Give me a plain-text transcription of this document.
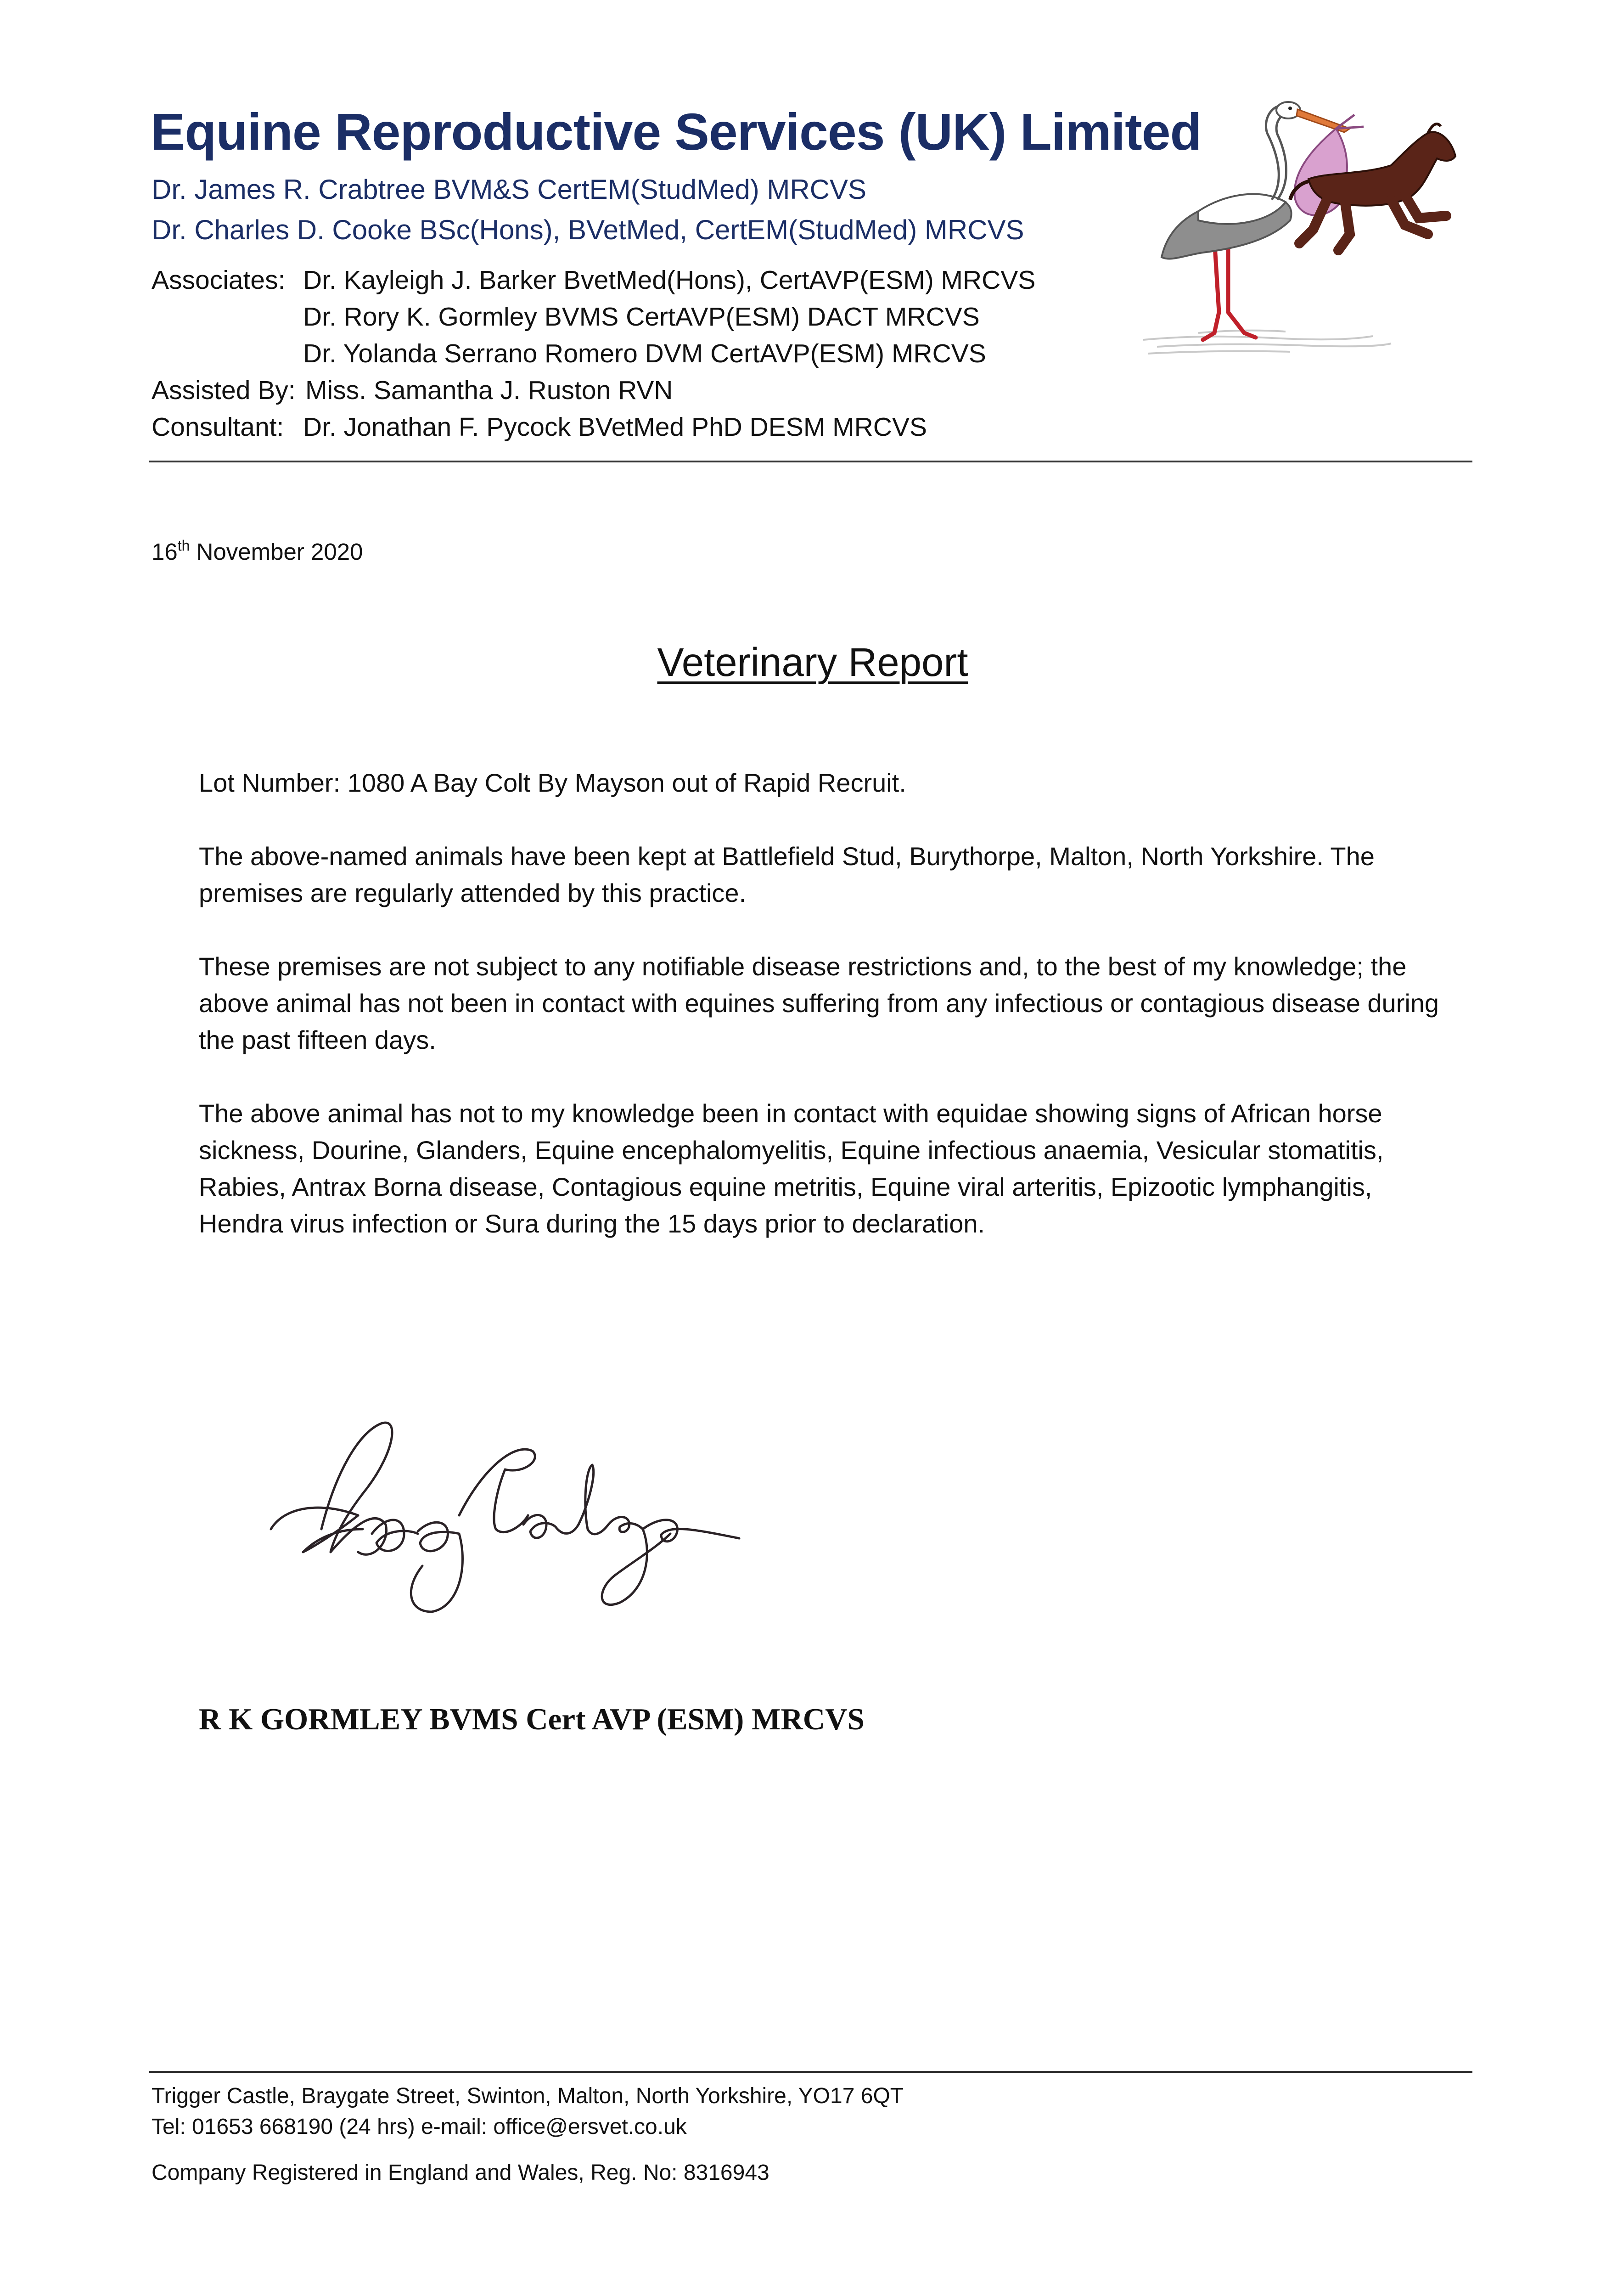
Equine Reproductive Services (UK) Limited
Dr. James R. Crabtree BVM&S CertEM(StudMed) MRCVS
Dr. Charles D. Cooke BSc(Hons), BVetMed, CertEM(StudMed) MRCVS
Associates: Dr. Kayleigh J. Barker BvetMed(Hons), CertAVP(ESM) MRCVS
Dr. Rory K. Gormley BVMS CertAVP(ESM) DACT MRCVS
Dr. Yolanda Serrano Romero DVM CertAVP(ESM) MRCVS
Assisted By: Miss. Samantha J. Ruston RVN
Consultant: Dr. Jonathan F. Pycock BVetMed PhD DESM MRCVS
16th November 2020
Veterinary Report
Lot Number: 1080 A Bay Colt By Mayson out of Rapid Recruit.
The above-named animals have been kept at Battlefield Stud, Burythorpe, Malton, North Yorkshire. The premises are regularly attended by this practice.
These premises are not subject to any notifiable disease restrictions and, to the best of my knowledge; the above animal has not been in contact with equines suffering from any infectious or contagious disease during the past fifteen days.
The above animal has not to my knowledge been in contact with equidae showing signs of African horse sickness, Dourine, Glanders, Equine encephalomyelitis, Equine infectious anaemia, Vesicular stomatitis, Rabies, Antrax Borna disease, Contagious equine metritis, Equine viral arteritis, Epizootic lymphangitis, Hendra virus infection or Sura during the 15 days prior to declaration.
R K GORMLEY BVMS Cert AVP (ESM) MRCVS
Trigger Castle, Braygate Street, Swinton, Malton, North Yorkshire, YO17 6QT
Tel: 01653 668190 (24 hrs) e-mail: office@ersvet.co.uk
Company Registered in England and Wales, Reg. No: 8316943
